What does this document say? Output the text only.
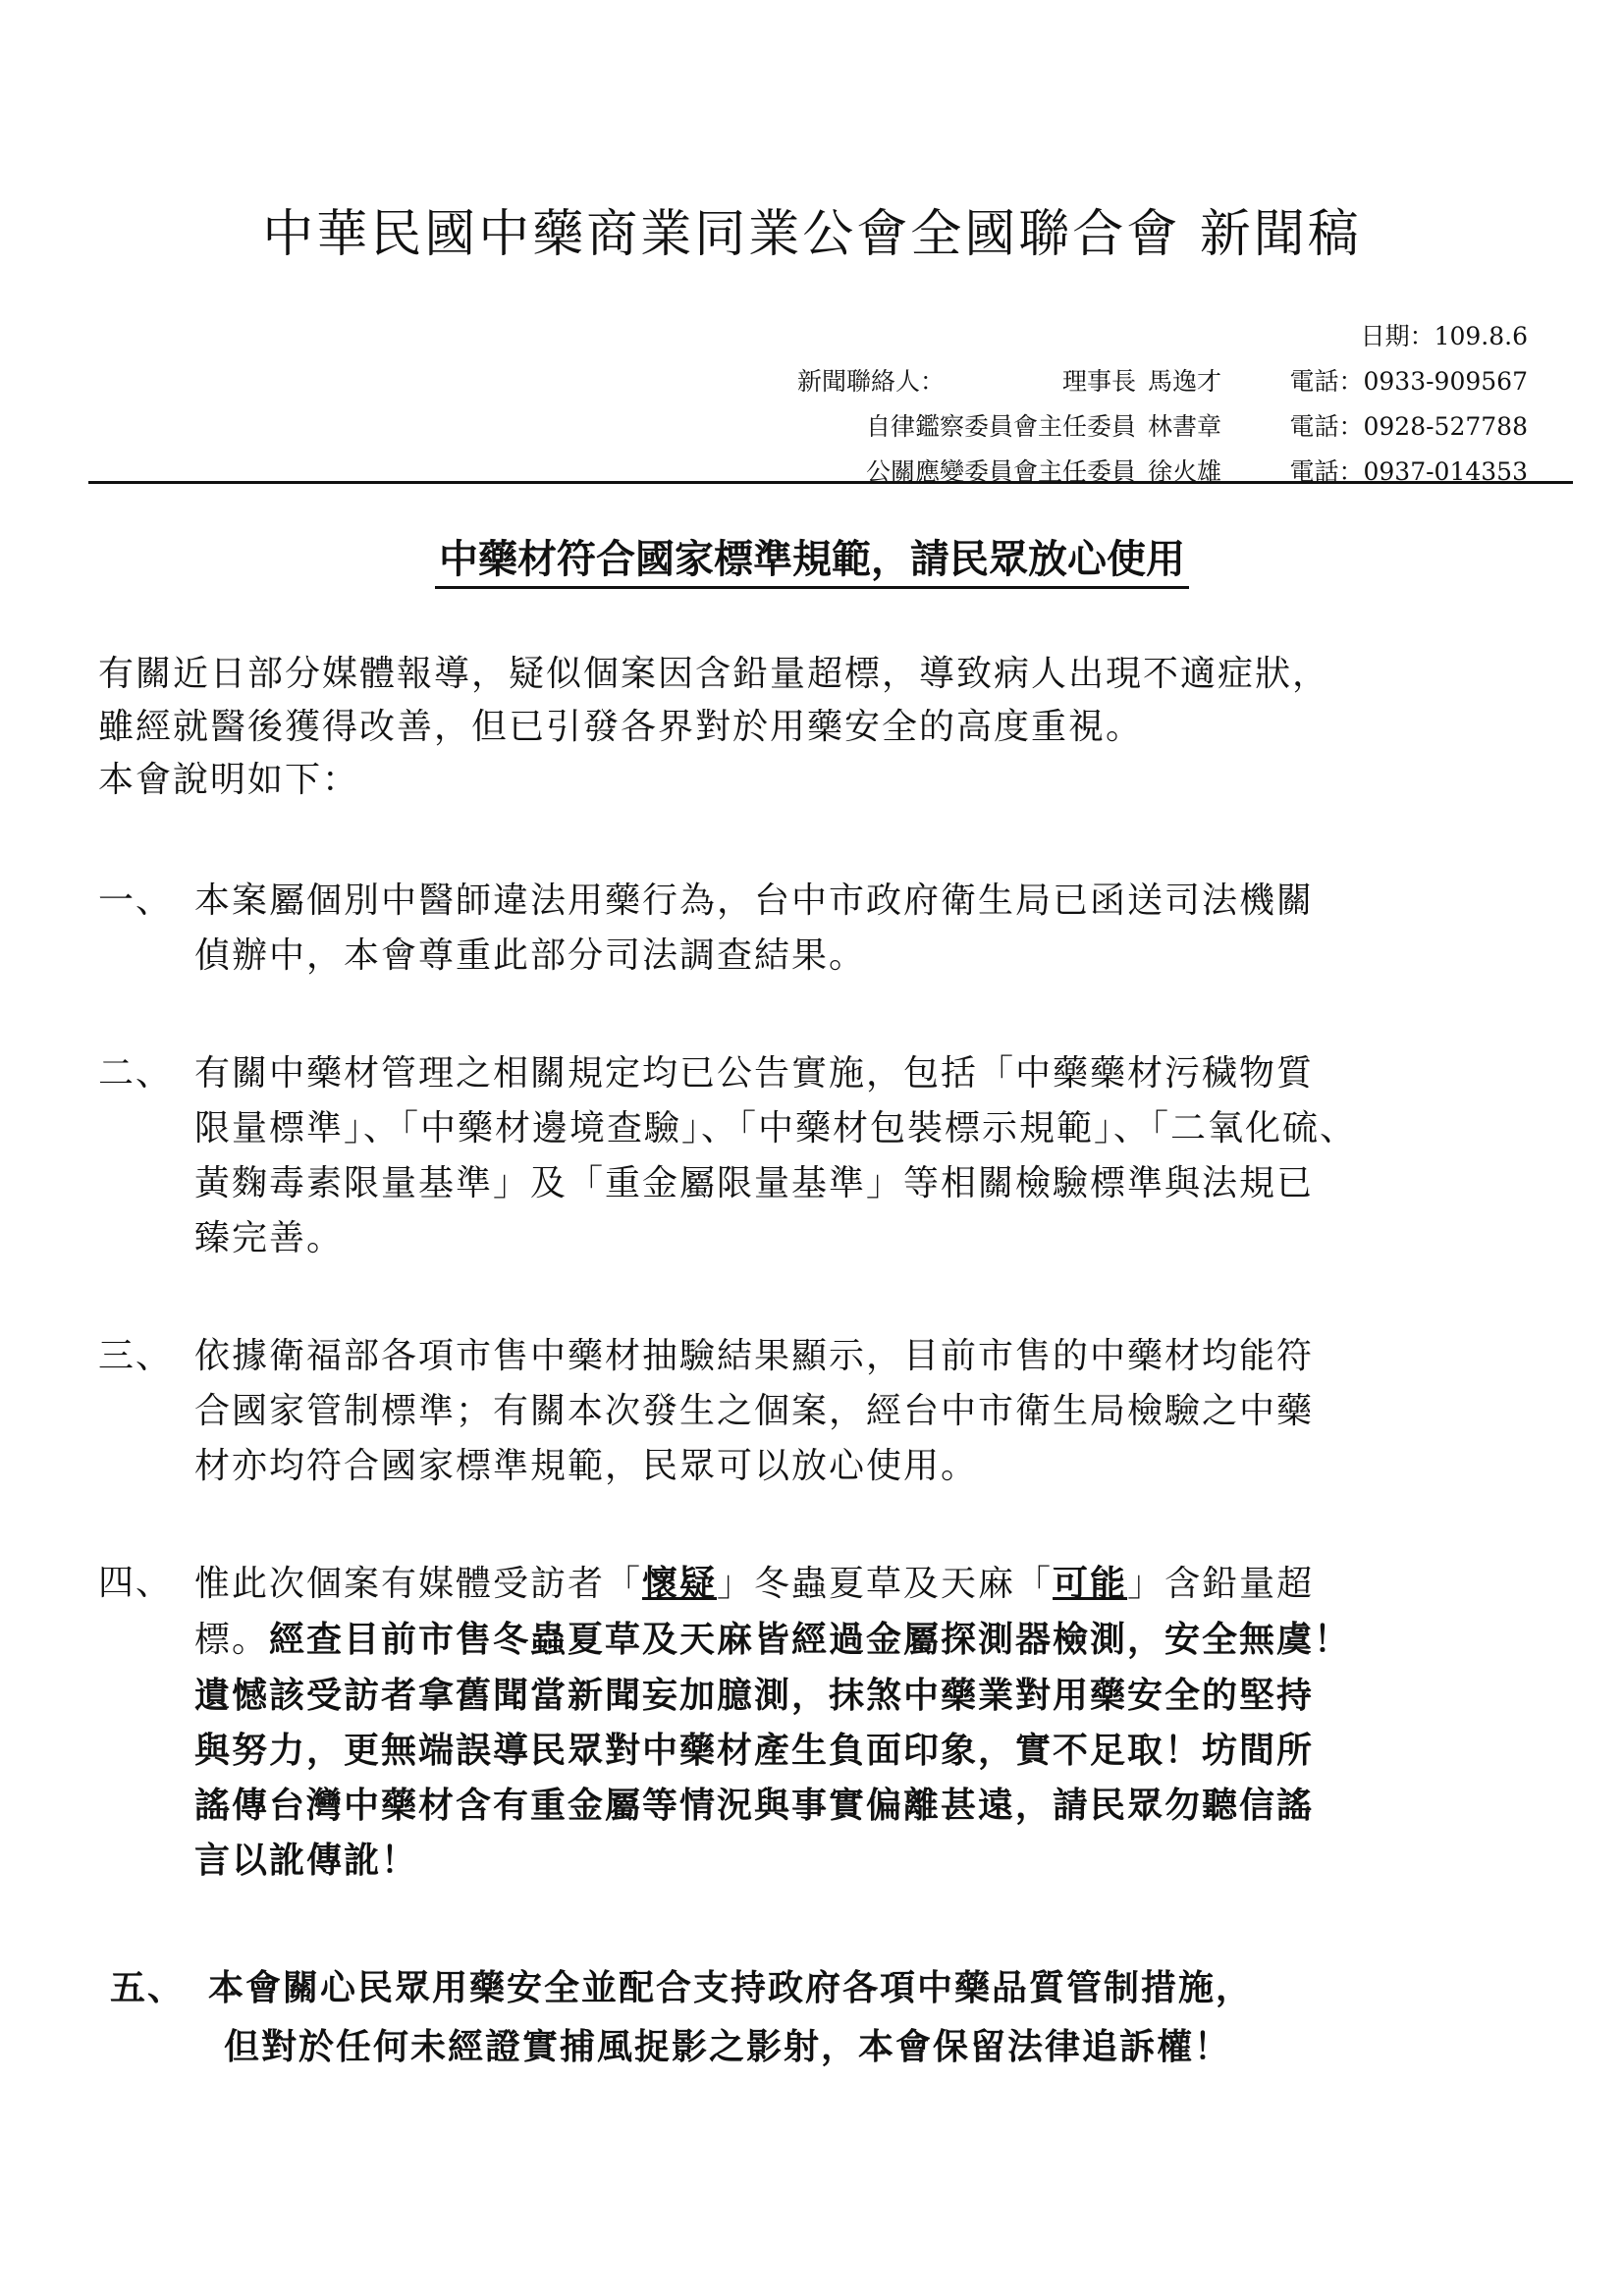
中華民國中藥商業同業公會全國聯合會 新聞稿
日期：109.8.6
新聞聯絡人：	理事長 馬逸才	電話：0933-909567
自律鑑察委員會主任委員 林書章	電話：0928-527788
公關應變委員會主任委員 徐火雄	電話：0937-014353
中藥材符合國家標準規範，請民眾放心使用

有關近日部分媒體報導，疑似個案因含鉛量超標，導致病人出現不適症狀，

雖經就醫後獲得改善，但已引發各界對於用藥安全的高度重視。

本會說明如下：

一、 本案屬個別中醫師違法用藥行為，台中市政府衛生局已函送司法機關

偵辦中，本會尊重此部分司法調查結果。

二、 有關中藥材管理之相關規定均已公告實施，包括「中藥藥材污穢物質

限量標準」、「中藥材邊境查驗」、「中藥材包裝標示規範」、「二氧化硫、

黃麴毒素限量基準」及「重金屬限量基準」等相關檢驗標準與法規已

臻完善。

三、 依據衛福部各項市售中藥材抽驗結果顯示，目前市售的中藥材均能符

合國家管制標準；有關本次發生之個案，經台中市衛生局檢驗之中藥

材亦均符合國家標準規範，民眾可以放心使用。

四、 惟此次個案有媒體受訪者「懷疑」冬蟲夏草及天麻「可能」含鉛量超

標。經查目前市售冬蟲夏草及天麻皆經過金屬探測器檢測，安全無虞！

遺憾該受訪者拿舊聞當新聞妄加臆測，抹煞中藥業對用藥安全的堅持

與努力，更無端誤導民眾對中藥材產生負面印象，實不足取！坊間所

謠傳台灣中藥材含有重金屬等情況與事實偏離甚遠，請民眾勿聽信謠

言以訛傳訛！

五、 本會關心民眾用藥安全並配合支持政府各項中藥品質管制措施，

但對於任何未經證實捕風捉影之影射，本會保留法律追訴權！
